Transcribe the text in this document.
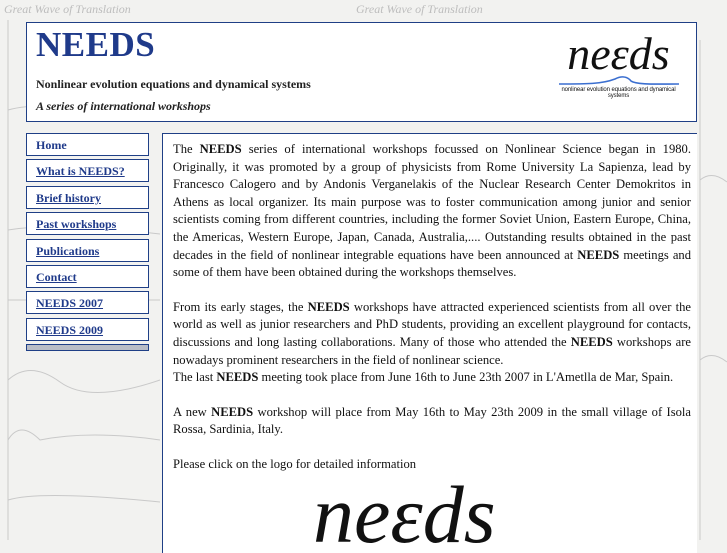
Great Wave of Translation	Great Wave of Translation
NEEDS
Nonlinear evolution equations and dynamical systems
A series of international workshops
neεds
nonlinear evolution equations and dynamical systems
Home
What is NEEDS?
Brief history
Past workshops
Publications
Contact
NEEDS 2007
NEEDS 2009

The NEEDS series of international workshops focussed on Nonlinear Science began in 1980. Originally, it was promoted by a group of physicists from Rome University La Sapienza, lead by Francesco Calogero and by Andonis Verganelakis of the Nuclear Research Center Demokritos in Athens as local organizer. Its main purpose was to foster communication among junior and senior scientists coming from different countries, including the former Soviet Union, Eastern Europe, China, the Americas, Western Europe, Japan, Canada, Australia,.... Outstanding results obtained in the past decades in the field of nonlinear integrable equations have been announced at NEEDS meetings and some of them have been obtained during the workshops themselves.

From its early stages, the NEEDS workshops have attracted experienced scientists from all over the world as well as junior researchers and PhD students, providing an excellent playground for contacts, discussions and long lasting collaborations. Many of those who attended the NEEDS workshops are nowadays prominent researchers in the field of nonlinear science.

The last NEEDS meeting took place from June 16th to June 23th 2007 in L'Ametlla de Mar, Spain.

A new NEEDS workshop will place from May 16th to May 23th 2009 in the small village of Isola Rossa, Sardinia, Italy.

Please click on the logo for detailed information

neεds
